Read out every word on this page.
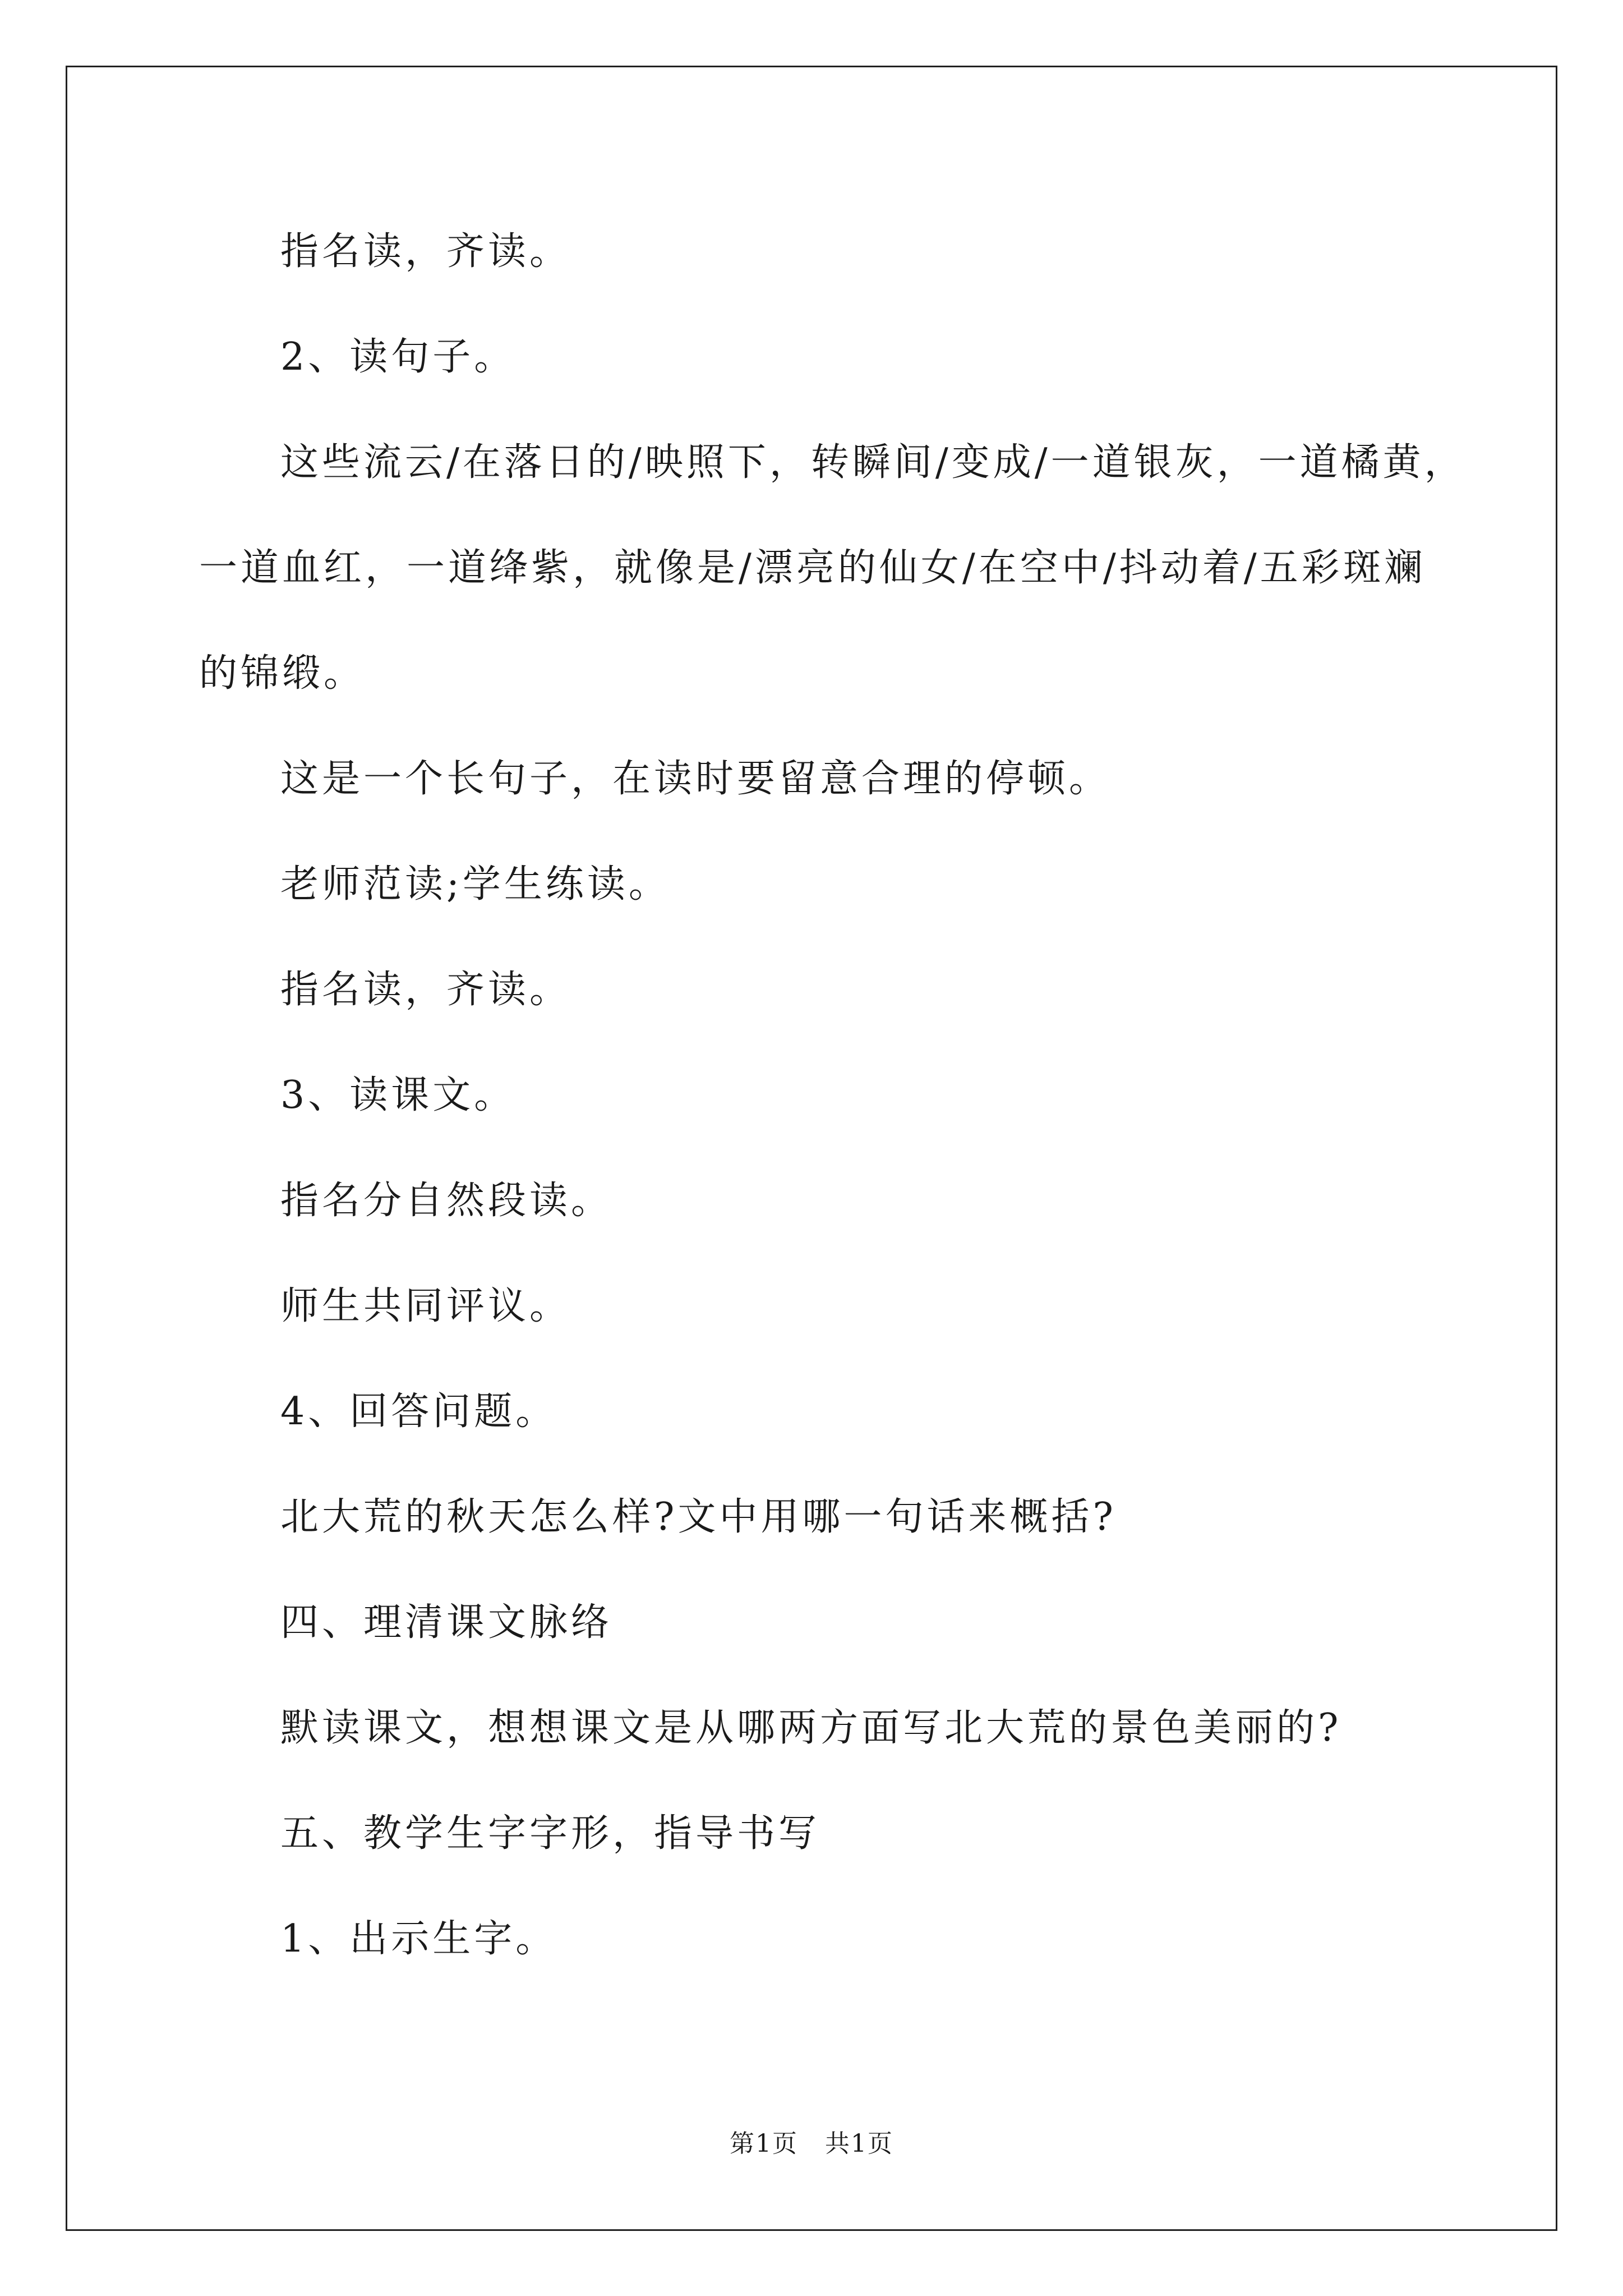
指名读，齐读。
2、读句子。
这些流云/在落日的/映照下，转瞬间/变成/一道银灰，一道橘黄，
一道血红，一道绛紫，就像是/漂亮的仙女/在空中/抖动着/五彩斑斓
的锦缎。
这是一个长句子，在读时要留意合理的停顿。
老师范读;学生练读。
指名读，齐读。
3、读课文。
指名分自然段读。
师生共同评议。
4、回答问题。
北大荒的秋天怎么样?文中用哪一句话来概括?
四、理清课文脉络
默读课文，想想课文是从哪两方面写北大荒的景色美丽的?
五、教学生字字形，指导书写
1、出示生字。
第1页 共1页
